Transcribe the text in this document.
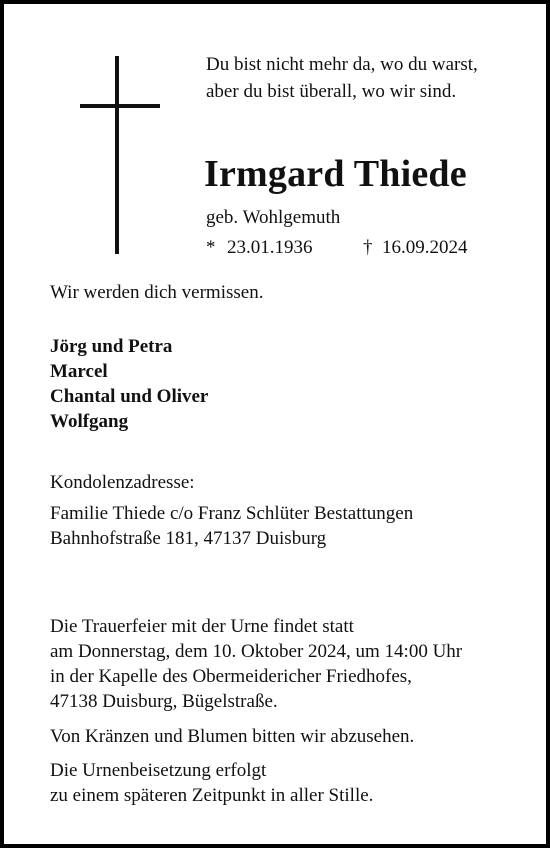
Du bist nicht mehr da, wo du warst,
aber du bist überall, wo wir sind.
Irmgard Thiede
geb. Wohlgemuth
* 23.01.1936	† 16.09.2024
Wir werden dich vermissen.
Jörg und Petra
Marcel
Chantal und Oliver
Wolfgang
Kondolenzadresse:
Familie Thiede c/o Franz Schlüter Bestattungen
Bahnhofstraße 181, 47137 Duisburg
Die Trauerfeier mit der Urne findet statt
am Donnerstag, dem 10. Oktober 2024, um 14:00 Uhr
in der Kapelle des Obermeidericher Friedhofes,
47138 Duisburg, Bügelstraße.
Von Kränzen und Blumen bitten wir abzusehen.
Die Urnenbeisetzung erfolgt
zu einem späteren Zeitpunkt in aller Stille.
